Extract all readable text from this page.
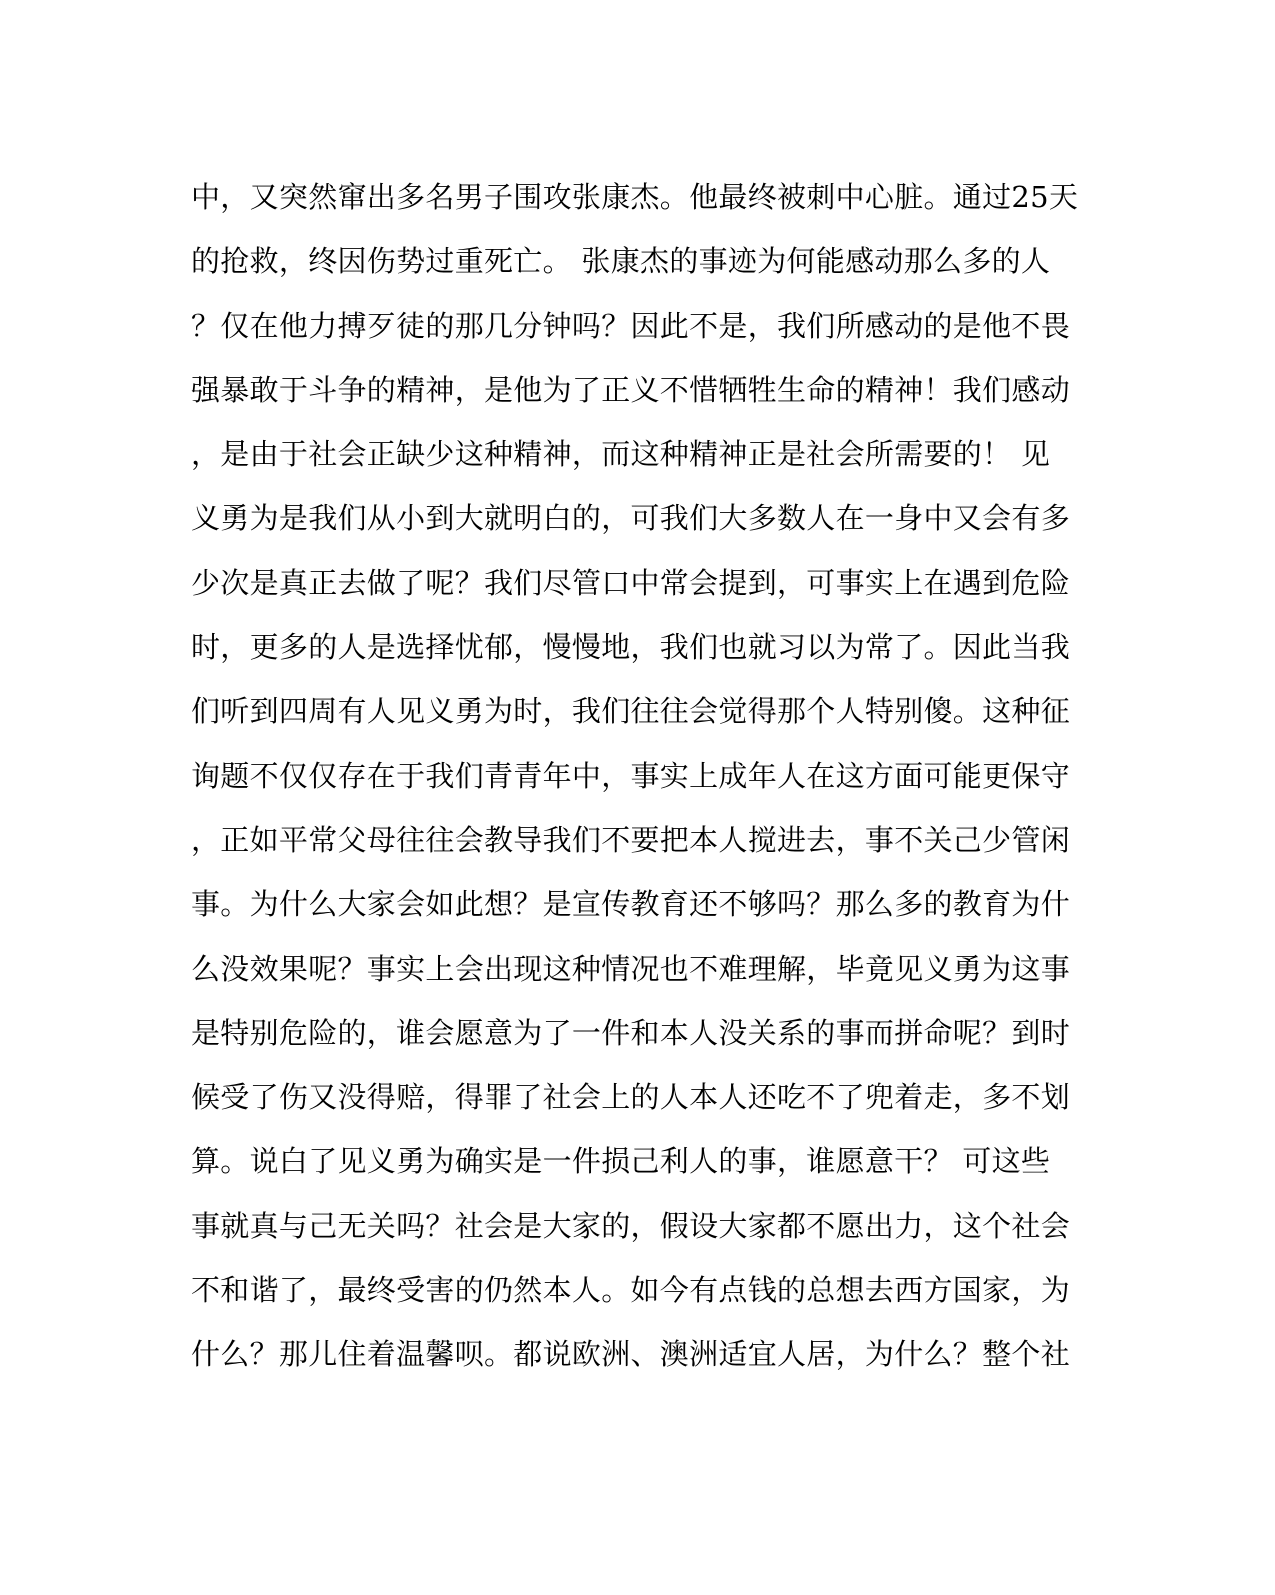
中，又突然窜出多名男子围攻张康杰。他最终被刺中心脏。通过25天
的抢救，终因伤势过重死亡。 张康杰的事迹为何能感动那么多的人
？仅在他力搏歹徒的那几分钟吗？因此不是，我们所感动的是他不畏
强暴敢于斗争的精神，是他为了正义不惜牺牲生命的精神！我们感动
，是由于社会正缺少这种精神，而这种精神正是社会所需要的！ 见
义勇为是我们从小到大就明白的，可我们大多数人在一身中又会有多
少次是真正去做了呢？我们尽管口中常会提到，可事实上在遇到危险
时，更多的人是选择忧郁，慢慢地，我们也就习以为常了。因此当我
们听到四周有人见义勇为时，我们往往会觉得那个人特别傻。这种征
询题不仅仅存在于我们青青年中，事实上成年人在这方面可能更保守
，正如平常父母往往会教导我们不要把本人搅进去，事不关己少管闲
事。为什么大家会如此想？是宣传教育还不够吗？那么多的教育为什
么没效果呢？事实上会出现这种情况也不难理解，毕竟见义勇为这事
是特别危险的，谁会愿意为了一件和本人没关系的事而拼命呢？到时
候受了伤又没得赔，得罪了社会上的人本人还吃不了兜着走，多不划
算。说白了见义勇为确实是一件损己利人的事，谁愿意干？ 可这些
事就真与己无关吗？社会是大家的，假设大家都不愿出力，这个社会
不和谐了，最终受害的仍然本人。如今有点钱的总想去西方国家，为
什么？那儿住着温馨呗。都说欧洲、澳洲适宜人居，为什么？整个社
